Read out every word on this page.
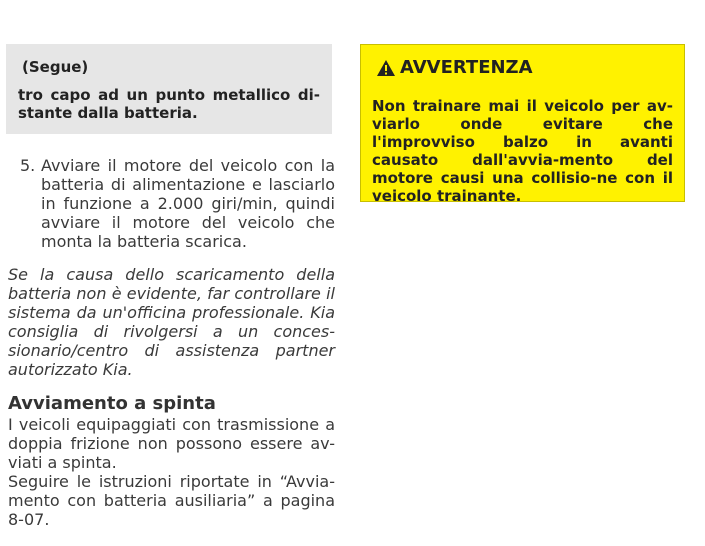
(Segue)
tro capo ad un punto metallico di-stante dalla batteria.
5. Avviare il motore del veicolo con la batteria di alimentazione e lasciarlo in funzione a 2.000 giri/min, quindi avviare il motore del veicolo che monta la batteria scarica.
Se la causa dello scaricamento della batteria non è evidente, far controllare il sistema da un'officina professionale. Kia consiglia di rivolgersi a un conces-sionario/centro di assistenza partner autorizzato Kia.
Avviamento a spinta
I veicoli equipaggiati con trasmissione a doppia frizione non possono essere av-viati a spinta.
Seguire le istruzioni riportate in “Avvia-mento con batteria ausiliaria” a pagina 8-07.
AVVERTENZA
Non trainare mai il veicolo per av-viarlo onde evitare che l'improvviso balzo in avanti causato dall'avvia-mento del motore causi una collisio-ne con il veicolo trainante.
